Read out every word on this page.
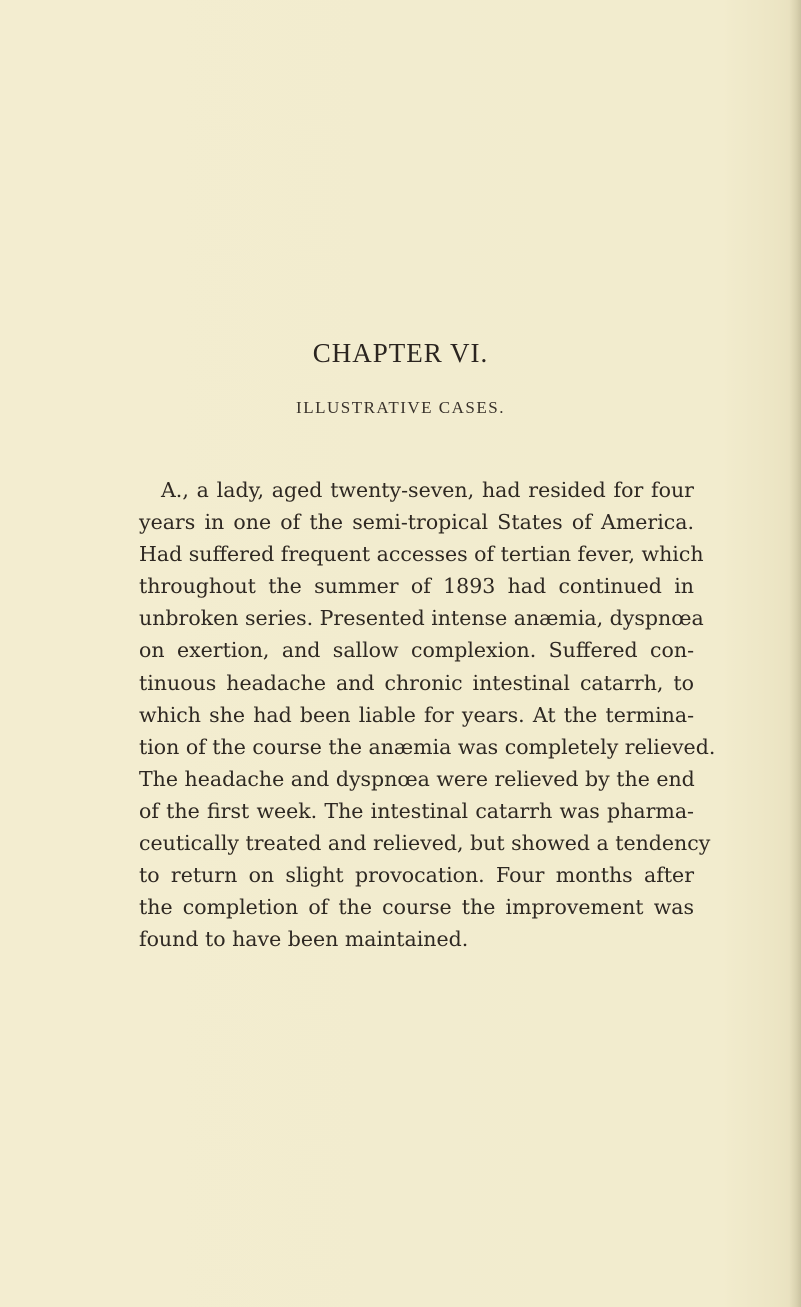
CHAPTER VI.
ILLUSTRATIVE CASES.
A., a lady, aged twenty-seven, had resided for four
years in one of the semi-tropical States of America.
Had suffered frequent accesses of tertian fever, which
throughout the summer of 1893 had continued in
unbroken series. Presented intense anæmia, dyspnœa
on exertion, and sallow complexion. Suffered con-
tinuous headache and chronic intestinal catarrh, to
which she had been liable for years. At the termina-
tion of the course the anæmia was completely relieved.
The headache and dyspnœa were relieved by the end
of the first week. The intestinal catarrh was pharma-
ceutically treated and relieved, but showed a tendency
to return on slight provocation. Four months after
the completion of the course the improvement was
found to have been maintained.
